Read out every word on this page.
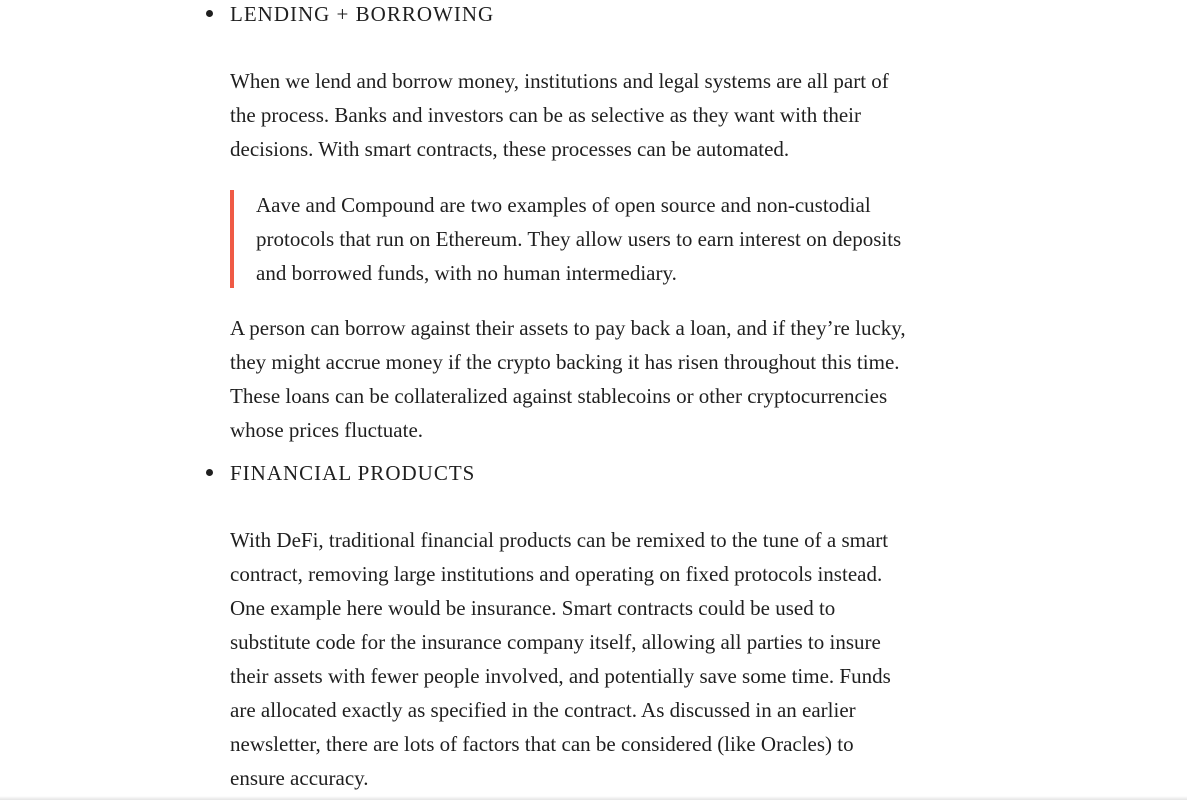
LENDING + BORROWING

When we lend and borrow money, institutions and legal systems are all part of
the process. Banks and investors can be as selective as they want with their
decisions. With smart contracts, these processes can be automated.

Aave and Compound are two examples of open source and non-custodial
protocols that run on Ethereum. They allow users to earn interest on deposits
and borrowed funds, with no human intermediary.

A person can borrow against their assets to pay back a loan, and if they’re lucky,
they might accrue money if the crypto backing it has risen throughout this time.
These loans can be collateralized against stablecoins or other cryptocurrencies
whose prices fluctuate.

FINANCIAL PRODUCTS

With DeFi, traditional financial products can be remixed to the tune of a smart
contract, removing large institutions and operating on fixed protocols instead.
One example here would be insurance. Smart contracts could be used to
substitute code for the insurance company itself, allowing all parties to insure
their assets with fewer people involved, and potentially save some time. Funds
are allocated exactly as specified in the contract. As discussed in an earlier
newsletter, there are lots of factors that can be considered (like Oracles) to
ensure accuracy.
